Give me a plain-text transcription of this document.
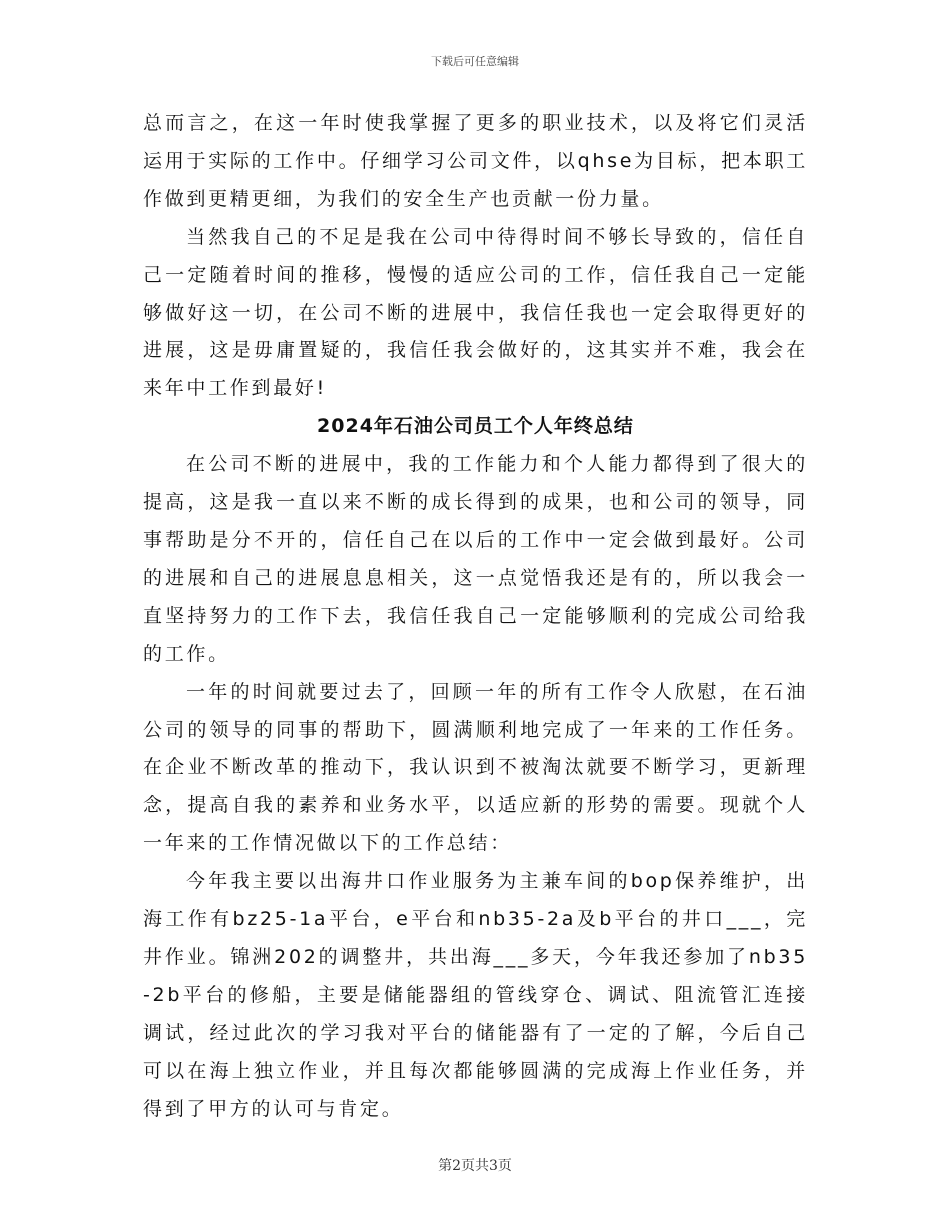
下载后可任意编辑

总而言之，在这一年时使我掌握了更多的职业技术，以及将它们灵活运用于实际的工作中。仔细学习公司文件，以qhse为目标，把本职工作做到更精更细，为我们的安全生产也贡献一份力量。

当然我自己的不足是我在公司中待得时间不够长导致的，信任自己一定随着时间的推移，慢慢的适应公司的工作，信任我自己一定能够做好这一切，在公司不断的进展中，我信任我也一定会取得更好的进展，这是毋庸置疑的，我信任我会做好的，这其实并不难，我会在来年中工作到最好!

2024年石油公司员工个人年终总结

在公司不断的进展中，我的工作能力和个人能力都得到了很大的提高，这是我一直以来不断的成长得到的成果，也和公司的领导，同事帮助是分不开的，信任自己在以后的工作中一定会做到最好。公司的进展和自己的进展息息相关，这一点觉悟我还是有的，所以我会一直坚持努力的工作下去，我信任我自己一定能够顺利的完成公司给我的工作。

一年的时间就要过去了，回顾一年的所有工作令人欣慰，在石油公司的领导的同事的帮助下，圆满顺利地完成了一年来的工作任务。在企业不断改革的推动下，我认识到不被淘汰就要不断学习，更新理念，提高自我的素养和业务水平，以适应新的形势的需要。现就个人一年来的工作情况做以下的工作总结：

今年我主要以出海井口作业服务为主兼车间的bop保养维护，出海工作有bz25-1a平台，e平台和nb35-2a及b平台的井口___，完井作业。锦洲202的调整井，共出海___多天，今年我还参加了nb35-2b平台的修船，主要是储能器组的管线穿仓、调试、阻流管汇连接调试，经过此次的学习我对平台的储能器有了一定的了解，今后自己可以在海上独立作业，并且每次都能够圆满的完成海上作业任务，并得到了甲方的认可与肯定。

第2页共3页
